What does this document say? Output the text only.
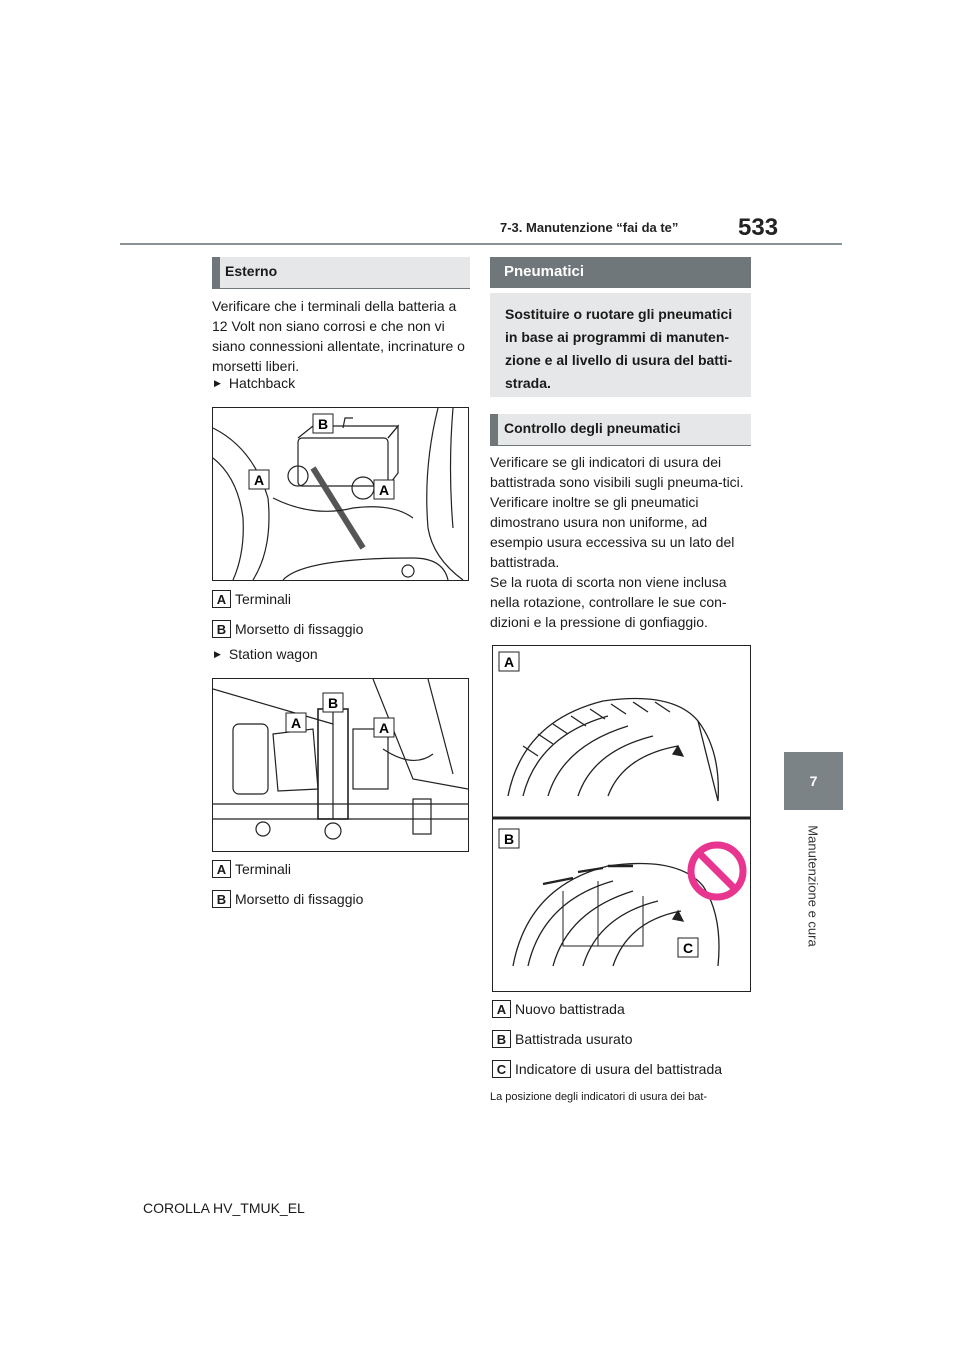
7-3. Manutenzione “fai da te” 533
7
Manutenzione e cura
Esterno
Verificare che i terminali della batteria a 12 Volt non siano corrosi e che non vi siano connessioni allentate, incrinature o morsetti liberi.
▶ Hatchback
B
A
A
A Terminali
B Morsetto di fissaggio
▶ Station wagon
B
A	A
A Terminali
B Morsetto di fissaggio
Pneumatici
Sostituire o ruotare gli pneumatici in base ai programmi di manuten-zione e al livello di usura del batti-strada.
Controllo degli pneumatici
Verificare se gli indicatori di usura dei battistrada sono visibili sugli pneuma-tici. Verificare inoltre se gli pneumatici dimostrano usura non uniforme, ad esempio usura eccessiva su un lato del battistrada.
Se la ruota di scorta non viene inclusa nella rotazione, controllare le sue con-dizioni e la pressione di gonfiaggio.
A
B
C
A Nuovo battistrada
B Battistrada usurato
C Indicatore di usura del battistrada
La posizione degli indicatori di usura dei bat-
COROLLA HV_TMUK_EL
